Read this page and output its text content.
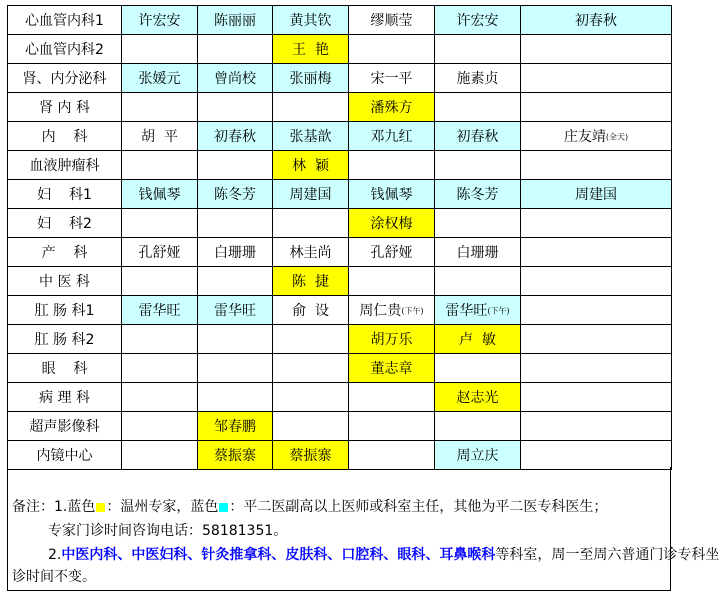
心血管内科1	许宏安	陈丽丽	黄其钦	缪顺莹	许宏安	初春秋
心血管内科2			王  艳			
肾、内分泌科	张媛元	曾尚校	张丽梅	宋一平	施素贞	
肾 内 科				潘殊方		
内    科	胡  平	初春秋	张基歆	邓九红	初春秋	庄友靖(全天)
血液肿瘤科			林  颖			
妇    科1	钱佩琴	陈冬芳	周建国	钱佩琴	陈冬芳	周建国
妇    科2				涂权梅		
产    科	孔舒娅	白珊珊	林圭尚	孔舒娅	白珊珊	
中 医 科			陈  捷			
肛 肠 科1	雷华旺	雷华旺	俞  设	周仁贵(下午)	雷华旺(下午)	
肛 肠 科2				胡万乐	卢  敏	
眼    科				董志章		
病 理 科					赵志光	
超声影像科		邹春鹏				
内镜中心		蔡振寨	蔡振寨		周立庆	
备注：1.蓝色 ：温州专家，蓝色 ：平二医副高以上医师或科室主任，其他为平二医专科医生；
专家门诊时间咨询电话：58181351。
2.中医内科、中医妇科、针灸推拿科、皮肤科、口腔科、眼科、耳鼻喉科等科室，周一至周六普通门诊专科坐
诊时间不变。
